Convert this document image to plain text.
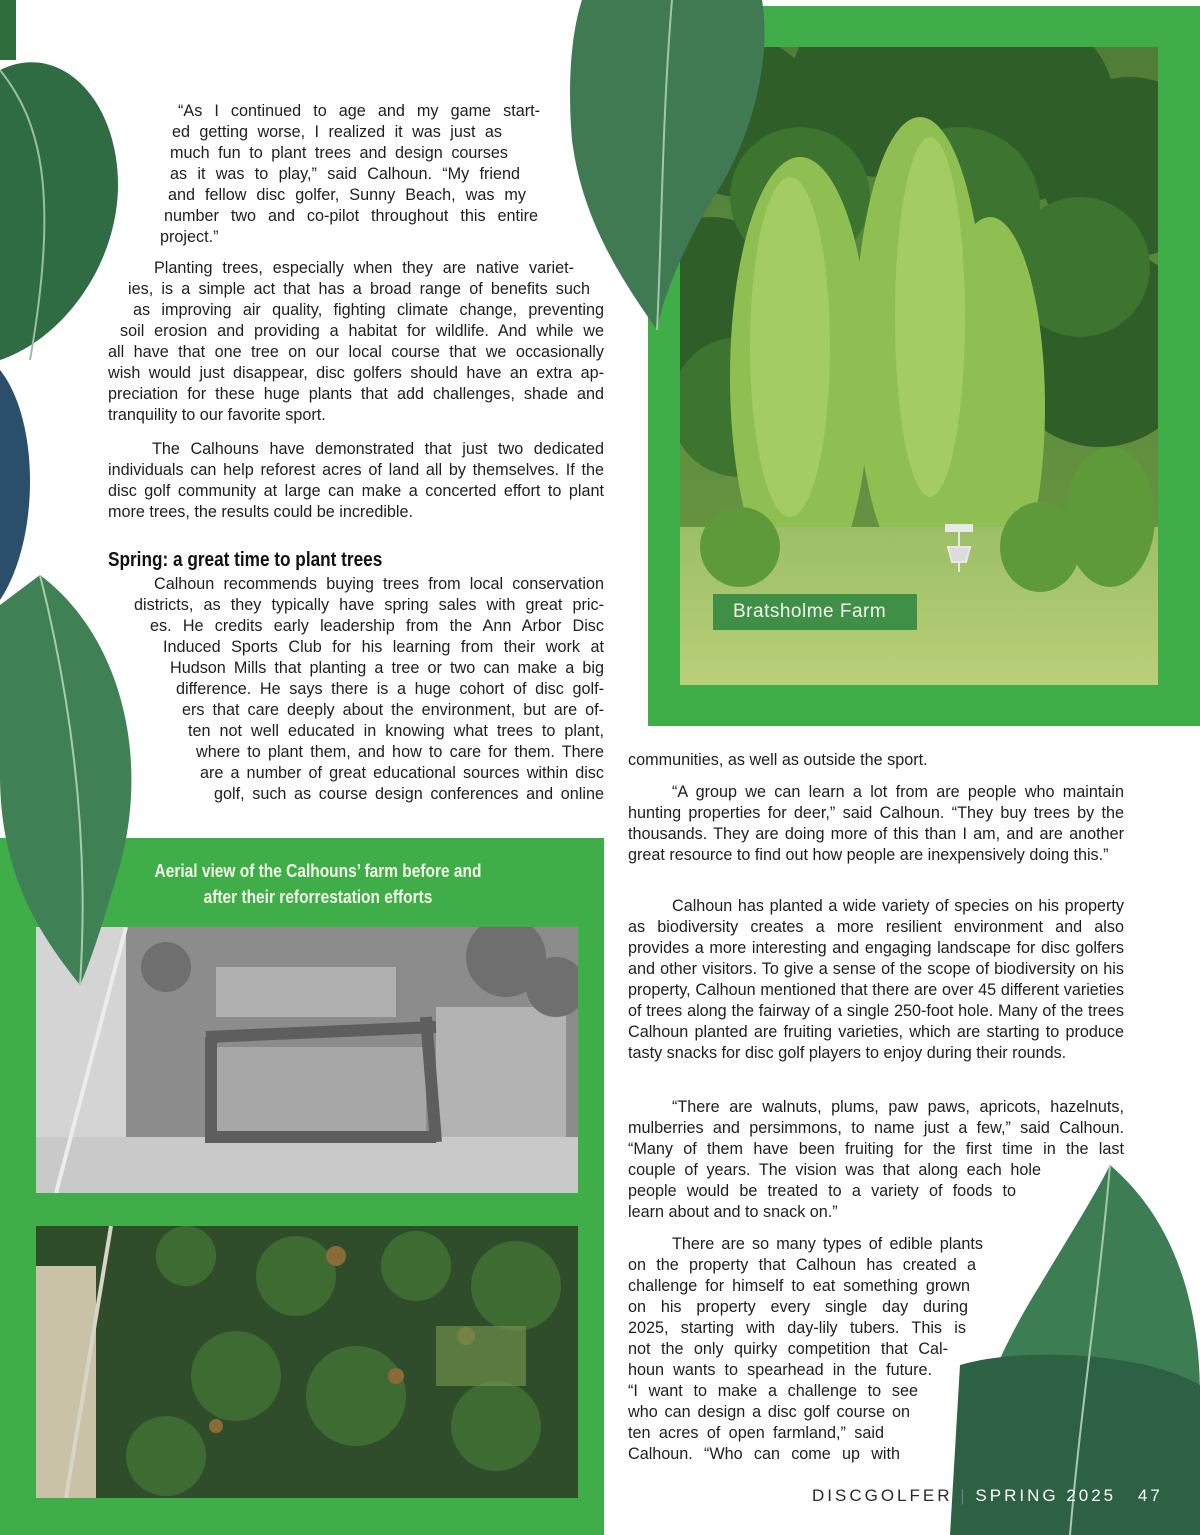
Bratsholme Farm
Aerial view of the Calhouns’ farm before and
after their reforrestation efforts
“As I continued to age and my game start-
ed getting worse, I realized it was just as
much fun to plant trees and design courses
as it was to play,” said Calhoun. “My friend
and fellow disc golfer, Sunny Beach, was my
number two and co-pilot throughout this entire
project.”
Planting trees, especially when they are native variet-
ies, is a simple act that has a broad range of benefits such
as improving air quality, fighting climate change, preventing
soil erosion and providing a habitat for wildlife. And while we
all have that one tree on our local course that we occasionally
wish would just disappear, disc golfers should have an extra ap-
preciation for these huge plants that add challenges, shade and
tranquility to our favorite sport.

The Calhouns have demonstrated that just two dedicated individuals can help reforest acres of land all by themselves. If the disc golf community at large can make a concerted effort to plant more trees, the results could be incredible.

Spring: a great time to plant trees
Calhoun recommends buying trees from local conservation
districts, as they typically have spring sales with great pric-
es. He credits early leadership from the Ann Arbor Disc
Induced Sports Club for his learning from their work at
Hudson Mills that planting a tree or two can make a big
difference. He says there is a huge cohort of disc golf-
ers that care deeply about the environment, but are of-
ten not well educated in knowing what trees to plant,
where to plant them, and how to care for them. There
are a number of great educational sources within disc
golf, such as course design conferences and online

communities, as well as outside the sport.

“A group we can learn a lot from are people who maintain hunting properties for deer,” said Calhoun. “They buy trees by the thousands. They are doing more of this than I am, and are another great resource to find out how people are inexpensively doing this.”

Calhoun has planted a wide variety of species on his property as biodiversity creates a more resilient environment and also provides a more interesting and engaging landscape for disc golfers and other visitors. To give a sense of the scope of biodiversity on his property, Calhoun mentioned that there are over 45 different varieties of trees along the fairway of a single 250-foot hole. Many of the trees Calhoun planted are fruiting varieties, which are starting to produce tasty snacks for disc golf players to enjoy during their rounds.

“There are walnuts, plums, paw paws, apricots, hazelnuts,
mulberries and persimmons, to name just a few,” said Calhoun.
“Many of them have been fruiting for the first time in the last
couple of years. The vision was that along each hole
people would be treated to a variety of foods to
learn about and to snack on.”
There are so many types of edible plants
on the property that Calhoun has created a
challenge for himself to eat something grown
on his property every single day during
2025, starting with day-lily tubers. This is
not the only quirky competition that Cal-
houn wants to spearhead in the future.
“I want to make a challenge to see
who can design a disc golf course on
ten acres of open farmland,” said
Calhoun. “Who can come up with
DISCGOLFER | SPRING 2025 47
